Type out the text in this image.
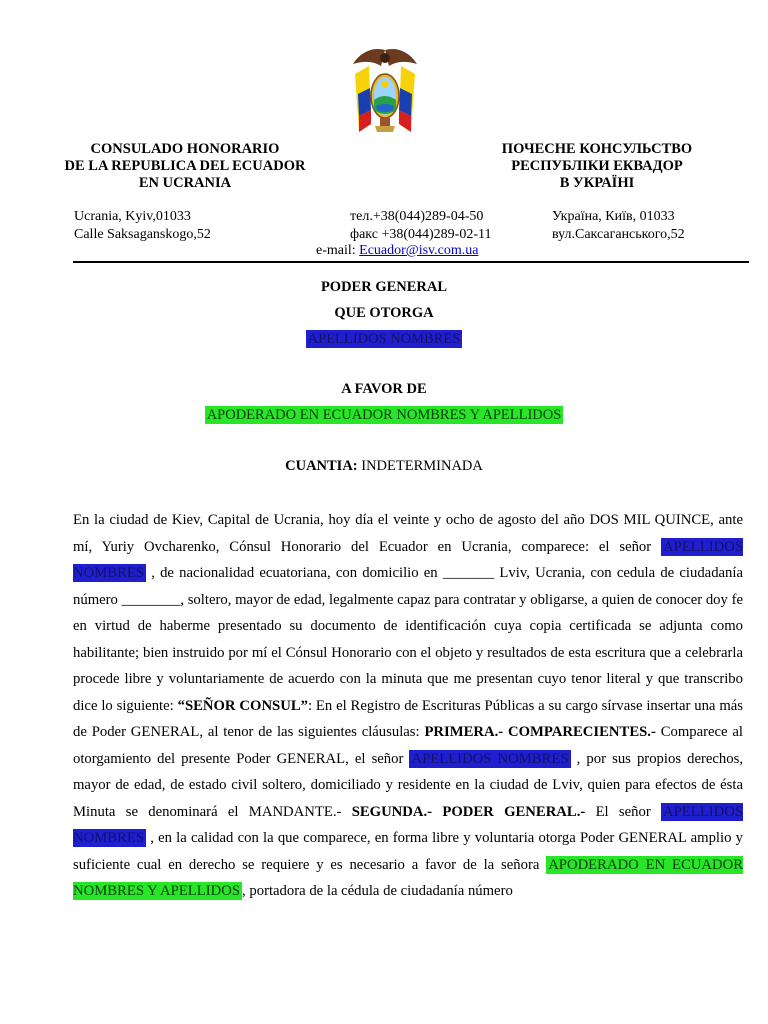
CONSULADO HONORARIO
DE LA REPUBLICA DEL ECUADOR
EN UCRANIA
ПОЧЕСНЕ КОНСУЛЬСТВО
РЕСПУБЛІКИ ЕКВАДОР
В УКРАЇНІ
Ucrania, Kyiv,01033
Calle Saksaganskogo,52
тел.+38(044)289-04-50
факс +38(044)289-02-11
Україна, Київ, 01033
вул.Саксаганського,52
e-mail: Ecuador@isv.com.ua
PODER GENERAL
QUE OTORGA
APELLIDOS NOMBRES
A FAVOR DE
APODERADO EN ECUADOR NOMBRES Y APELLIDOS
CUANTIA: INDETERMINADA
En la ciudad de Kiev, Capital de Ucrania, hoy día el veinte y ocho de agosto del año DOS MIL QUINCE, ante mí, Yuriy Ovcharenko, Cónsul Honorario del Ecuador en Ucrania, comparece: el señor APELLIDOS NOMBRES , de nacionalidad ecuatoriana, con domicilio en _______ Lviv, Ucrania, con cedula de ciudadanía número ________, soltero, mayor de edad, legalmente capaz para contratar y obligarse, a quien de conocer doy fe en virtud de haberme presentado su documento de identificación cuya copia certificada se adjunta como habilitante; bien instruido por mí el Cónsul Honorario con el objeto y resultados de esta escritura que a celebrarla procede libre y voluntariamente de acuerdo con la minuta que me presentan cuyo tenor literal y que transcribo dice lo siguiente: “SEÑOR CONSUL”: En el Registro de Escrituras Públicas a su cargo sírvase insertar una más de Poder GENERAL, al tenor de las siguientes cláusulas: PRIMERA.- COMPARECIENTES.- Comparece al otorgamiento del presente Poder GENERAL, el señor APELLIDOS NOMBRES , por sus propios derechos, mayor de edad, de estado civil soltero, domiciliado y residente en la ciudad de Lviv, quien para efectos de ésta Minuta se denominará el MANDANTE.- SEGUNDA.- PODER GENERAL.- El señor APELLIDOS NOMBRES , en la calidad con la que comparece, en forma libre y voluntaria otorga Poder GENERAL amplio y suficiente cual en derecho se requiere y es necesario a favor de la señora APODERADO EN ECUADOR NOMBRES Y APELLIDOS , portadora de la cédula de ciudadanía número
